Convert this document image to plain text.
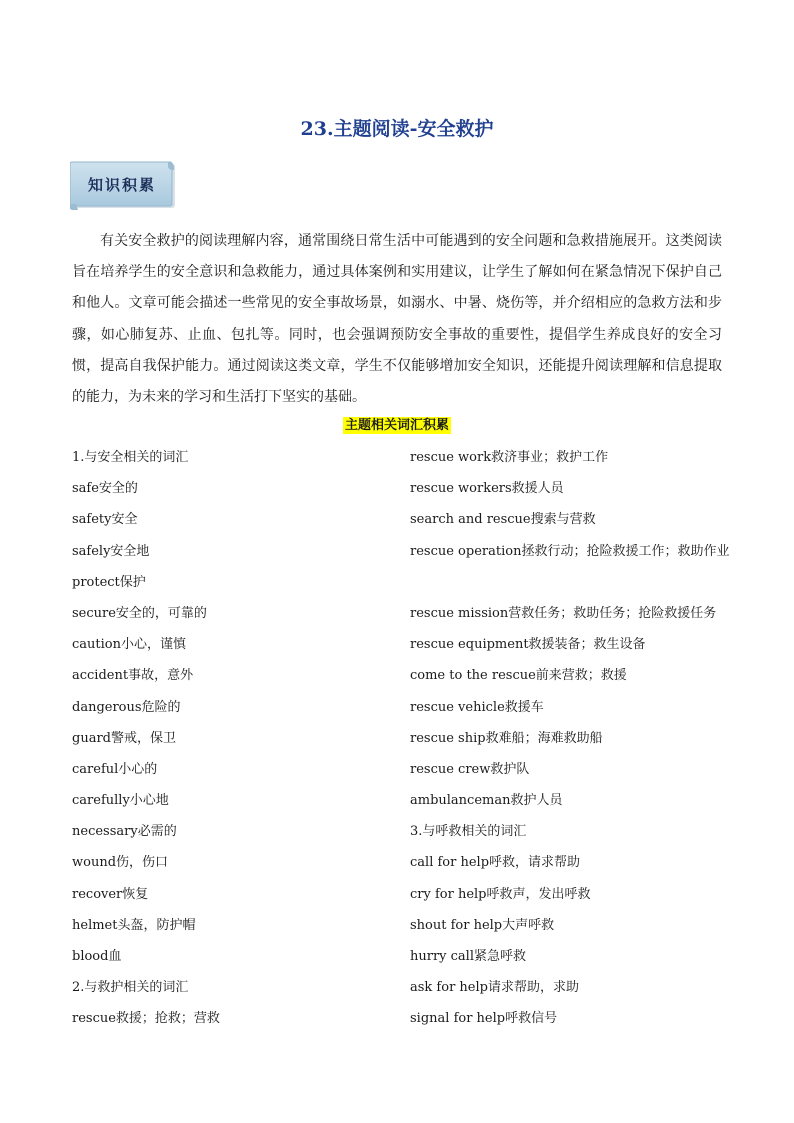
23.主题阅读-安全救护
知识积累

有关安全救护的阅读理解内容，通常围绕日常生活中可能遇到的安全问题和急救措施展开。这类阅读旨在培养学生的安全意识和急救能力，通过具体案例和实用建议，让学生了解如何在紧急情况下保护自己和他人。文章可能会描述一些常见的安全事故场景，如溺水、中暑、烧伤等，并介绍相应的急救方法和步骤，如心肺复苏、止血、包扎等。同时，也会强调预防安全事故的重要性，提倡学生养成良好的安全习惯，提高自我保护能力。通过阅读这类文章，学生不仅能够增加安全知识，还能提升阅读理解和信息提取的能力，为未来的学习和生活打下坚实的基础。

主题相关词汇积累
1.与安全相关的词汇
safe安全的
safety安全
safely安全地
protect保护
secure安全的，可靠的
caution小心，谨慎
accident事故，意外
dangerous危险的
guard警戒，保卫
careful小心的
carefully小心地
necessary必需的
wound伤，伤口
recover恢复
helmet头盔，防护帽
blood血
2.与救护相关的词汇
rescue救援；抢救；营救
rescue work救济事业；救护工作
rescue workers救援人员
search and rescue搜索与营救
rescue operation拯救行动；抢险救援工作；救助作业
rescue mission营救任务；救助任务；抢险救援任务
rescue equipment救援装备；救生设备
come to the rescue前来营救；救援
rescue vehicle救援车
rescue ship救难船；海难救助船
rescue crew救护队
ambulanceman救护人员
3.与呼救相关的词汇
call for help呼救，请求帮助
cry for help呼救声，发出呼救
shout for help大声呼救
hurry call紧急呼救
ask for help请求帮助，求助
signal for help呼救信号
